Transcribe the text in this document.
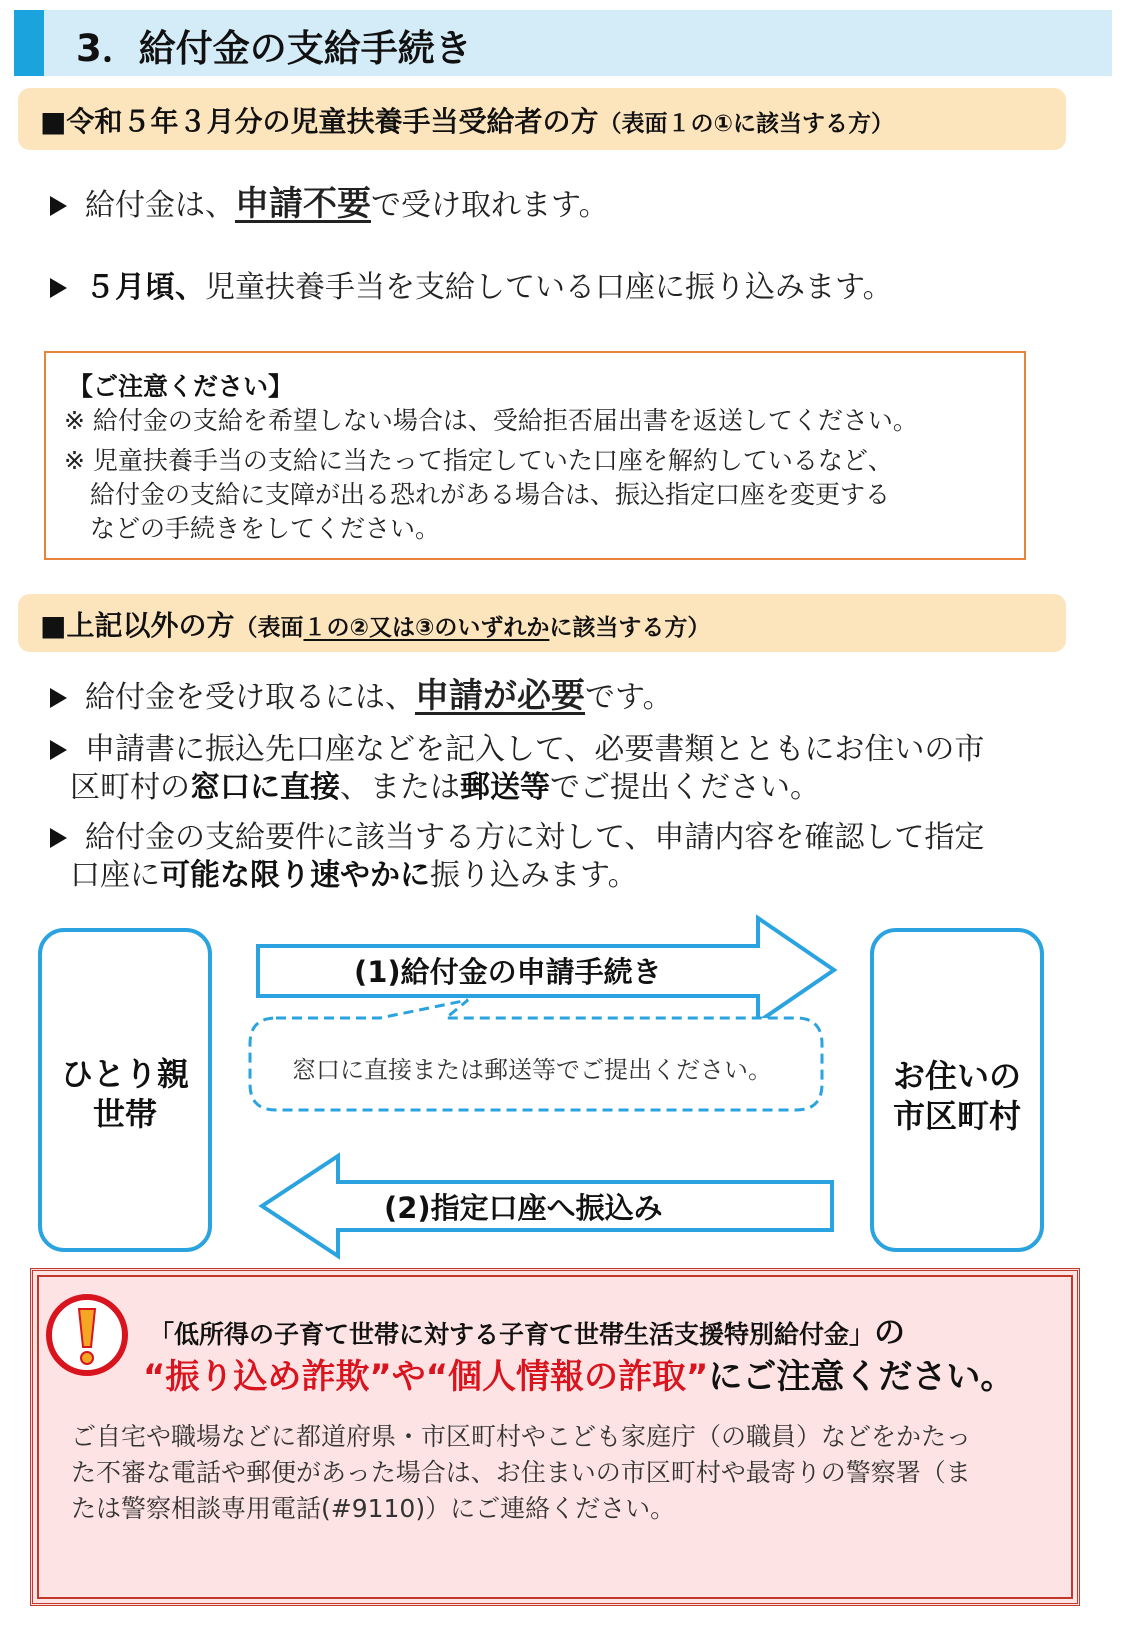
3．給付金の支給手続き
■令和５年３月分の児童扶養手当受給者の方（表面１の①に該当する方）
給付金は、申請不要で受け取れます。
５月頃、児童扶養手当を支給している口座に振り込みます。
【ご注意ください】
※ 給付金の支給を希望しない場合は、受給拒否届出書を返送してください。
※ 児童扶養手当の支給に当たって指定していた口座を解約しているなど、
給付金の支給に支障が出る恐れがある場合は、振込指定口座を変更する
などの手続きをしてください。
■上記以外の方（表面１の②又は③のいずれかに該当する方）
給付金を受け取るには、申請が必要です。
申請書に振込先口座などを記入して、必要書類とともにお住いの市
区町村の窓口に直接、または郵送等でご提出ください。
給付金の支給要件に該当する方に対して、申請内容を確認して指定
口座に可能な限り速やかに振り込みます。
ひとり親
世帯
お住いの
市区町村
(1)給付金の申請手続き
窓口に直接または郵送等でご提出ください。
(2)指定口座へ振込み
「低所得の子育て世帯に対する子育て世帯生活支援特別給付金」の
“振り込め詐欺”や“個人情報の詐取”にご注意ください。
ご自宅や職場などに都道府県・市区町村やこども家庭庁（の職員）などをかたっ
た不審な電話や郵便があった場合は、お住まいの市区町村や最寄りの警察署（ま
たは警察相談専用電話(#9110)）にご連絡ください。
